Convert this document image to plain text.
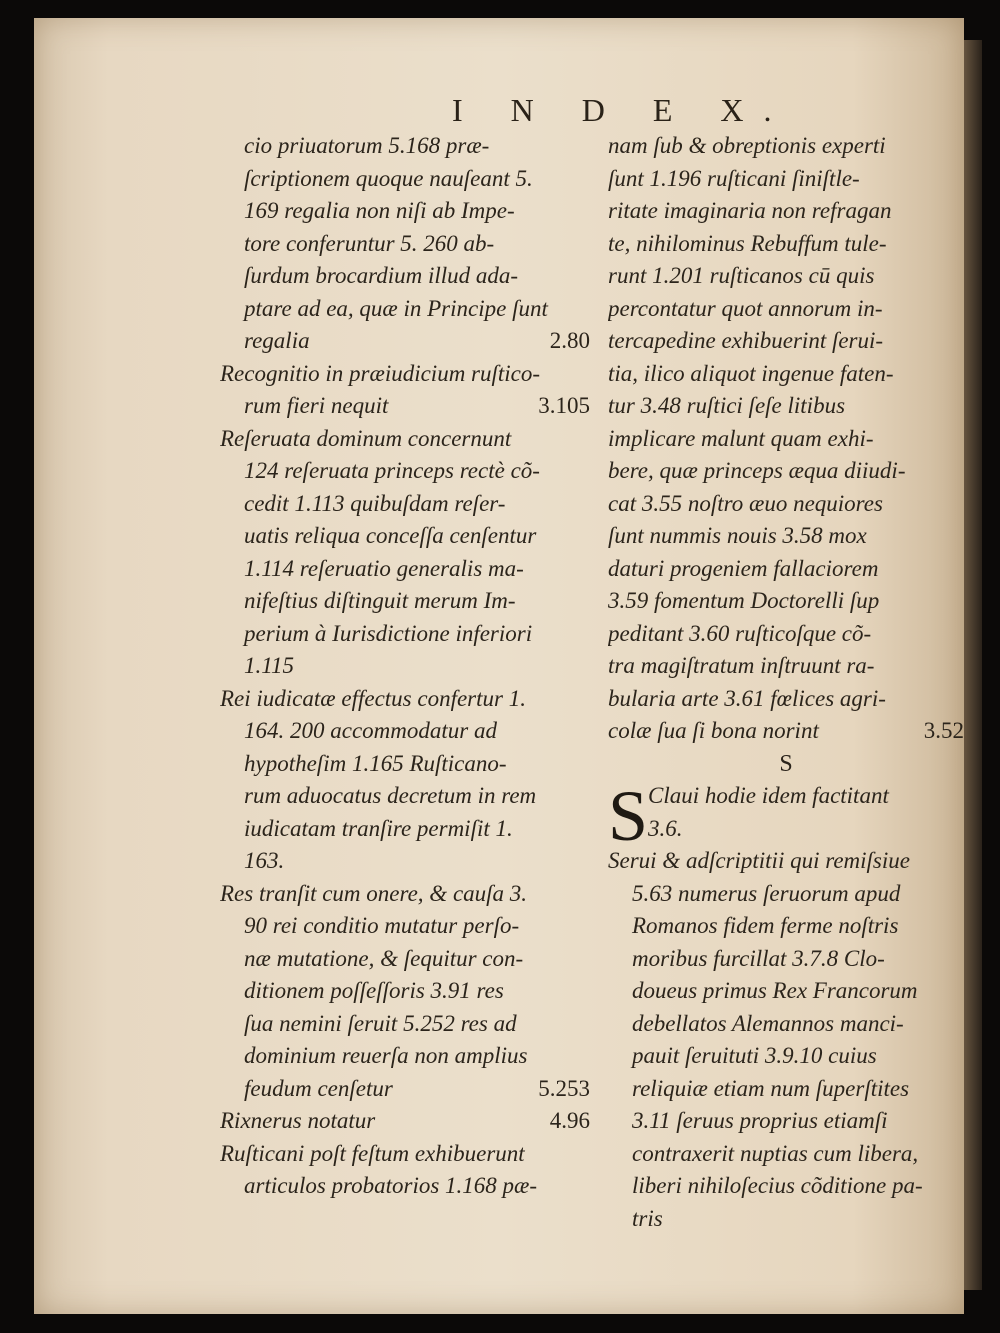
I N D E X.
cio priuatorum 5.168 præ-
ſcriptionem quoque nauſeant 5.
169 regalia non niſi ab Impe-
tore conferuntur 5. 260 ab-
ſurdum brocardium illud ada-
ptare ad ea, quæ in Principe ſunt
regalia	2.80
Recognitio in præiudicium ruſtico-
rum fieri nequit	3.105
Reſeruata dominum concernunt
124 reſeruata princeps rectè cõ-
cedit 1.113 quibuſdam reſer-
uatis reliqua conceſſa cenſentur
1.114 reſeruatio generalis ma-
nifeſtius diſtinguit merum Im-
perium à Iurisdictione inferiori
1.115
Rei iudicatæ effectus confertur 1.
164. 200 accommodatur ad
hypotheſim 1.165 Ruſticano-
rum aduocatus decretum in rem
iudicatam tranſire permiſit 1.
163.
Res tranſit cum onere, & cauſa 3.
90 rei conditio mutatur perſo-
næ mutatione, & ſequitur con-
ditionem poſſeſſoris 3.91 res
ſua nemini ſeruit 5.252 res ad
dominium reuerſa non amplius
feudum cenſetur	5.253
Rixnerus notatur	4.96
Ruſticani poſt feſtum exhibuerunt
articulos probatorios 1.168 pæ-
nam ſub & obreptionis experti
ſunt 1.196 ruſticani ſiniſtle-
ritate imaginaria non refragan
te, nihilominus Rebuffum tule-
runt 1.201 ruſticanos cū quis
percontatur quot annorum in-
tercapedine exhibuerint ſerui-
tia, ilico aliquot ingenue faten-
tur 3.48 ruſtici ſeſe litibus
implicare malunt quam exhi-
bere, quæ princeps æqua diiudi-
cat 3.55 noſtro æuo nequiores
ſunt nummis nouis 3.58 mox
daturi progeniem fallaciorem
3.59 fomentum Doctorelli ſup
peditant 3.60 ruſticoſque cõ-
tra magiſtratum inſtruunt ra-
bularia arte 3.61 fœlices agri-
colæ ſua ſi bona norint	3.52
S
S Claui hodie idem factitant
3.6.
Serui & adſcriptitii qui remiſsiue
5.63 numerus ſeruorum apud
Romanos fidem ferme noſtris
moribus furcillat 3.7.8 Clo-
doueus primus Rex Francorum
debellatos Alemannos manci-
pauit ſeruituti 3.9.10 cuius
reliquiæ etiam num ſuperſtites
3.11 ſeruus proprius etiamſi
contraxerit nuptias cum libera,
liberi nihiloſecius cõditione pa-
tris
